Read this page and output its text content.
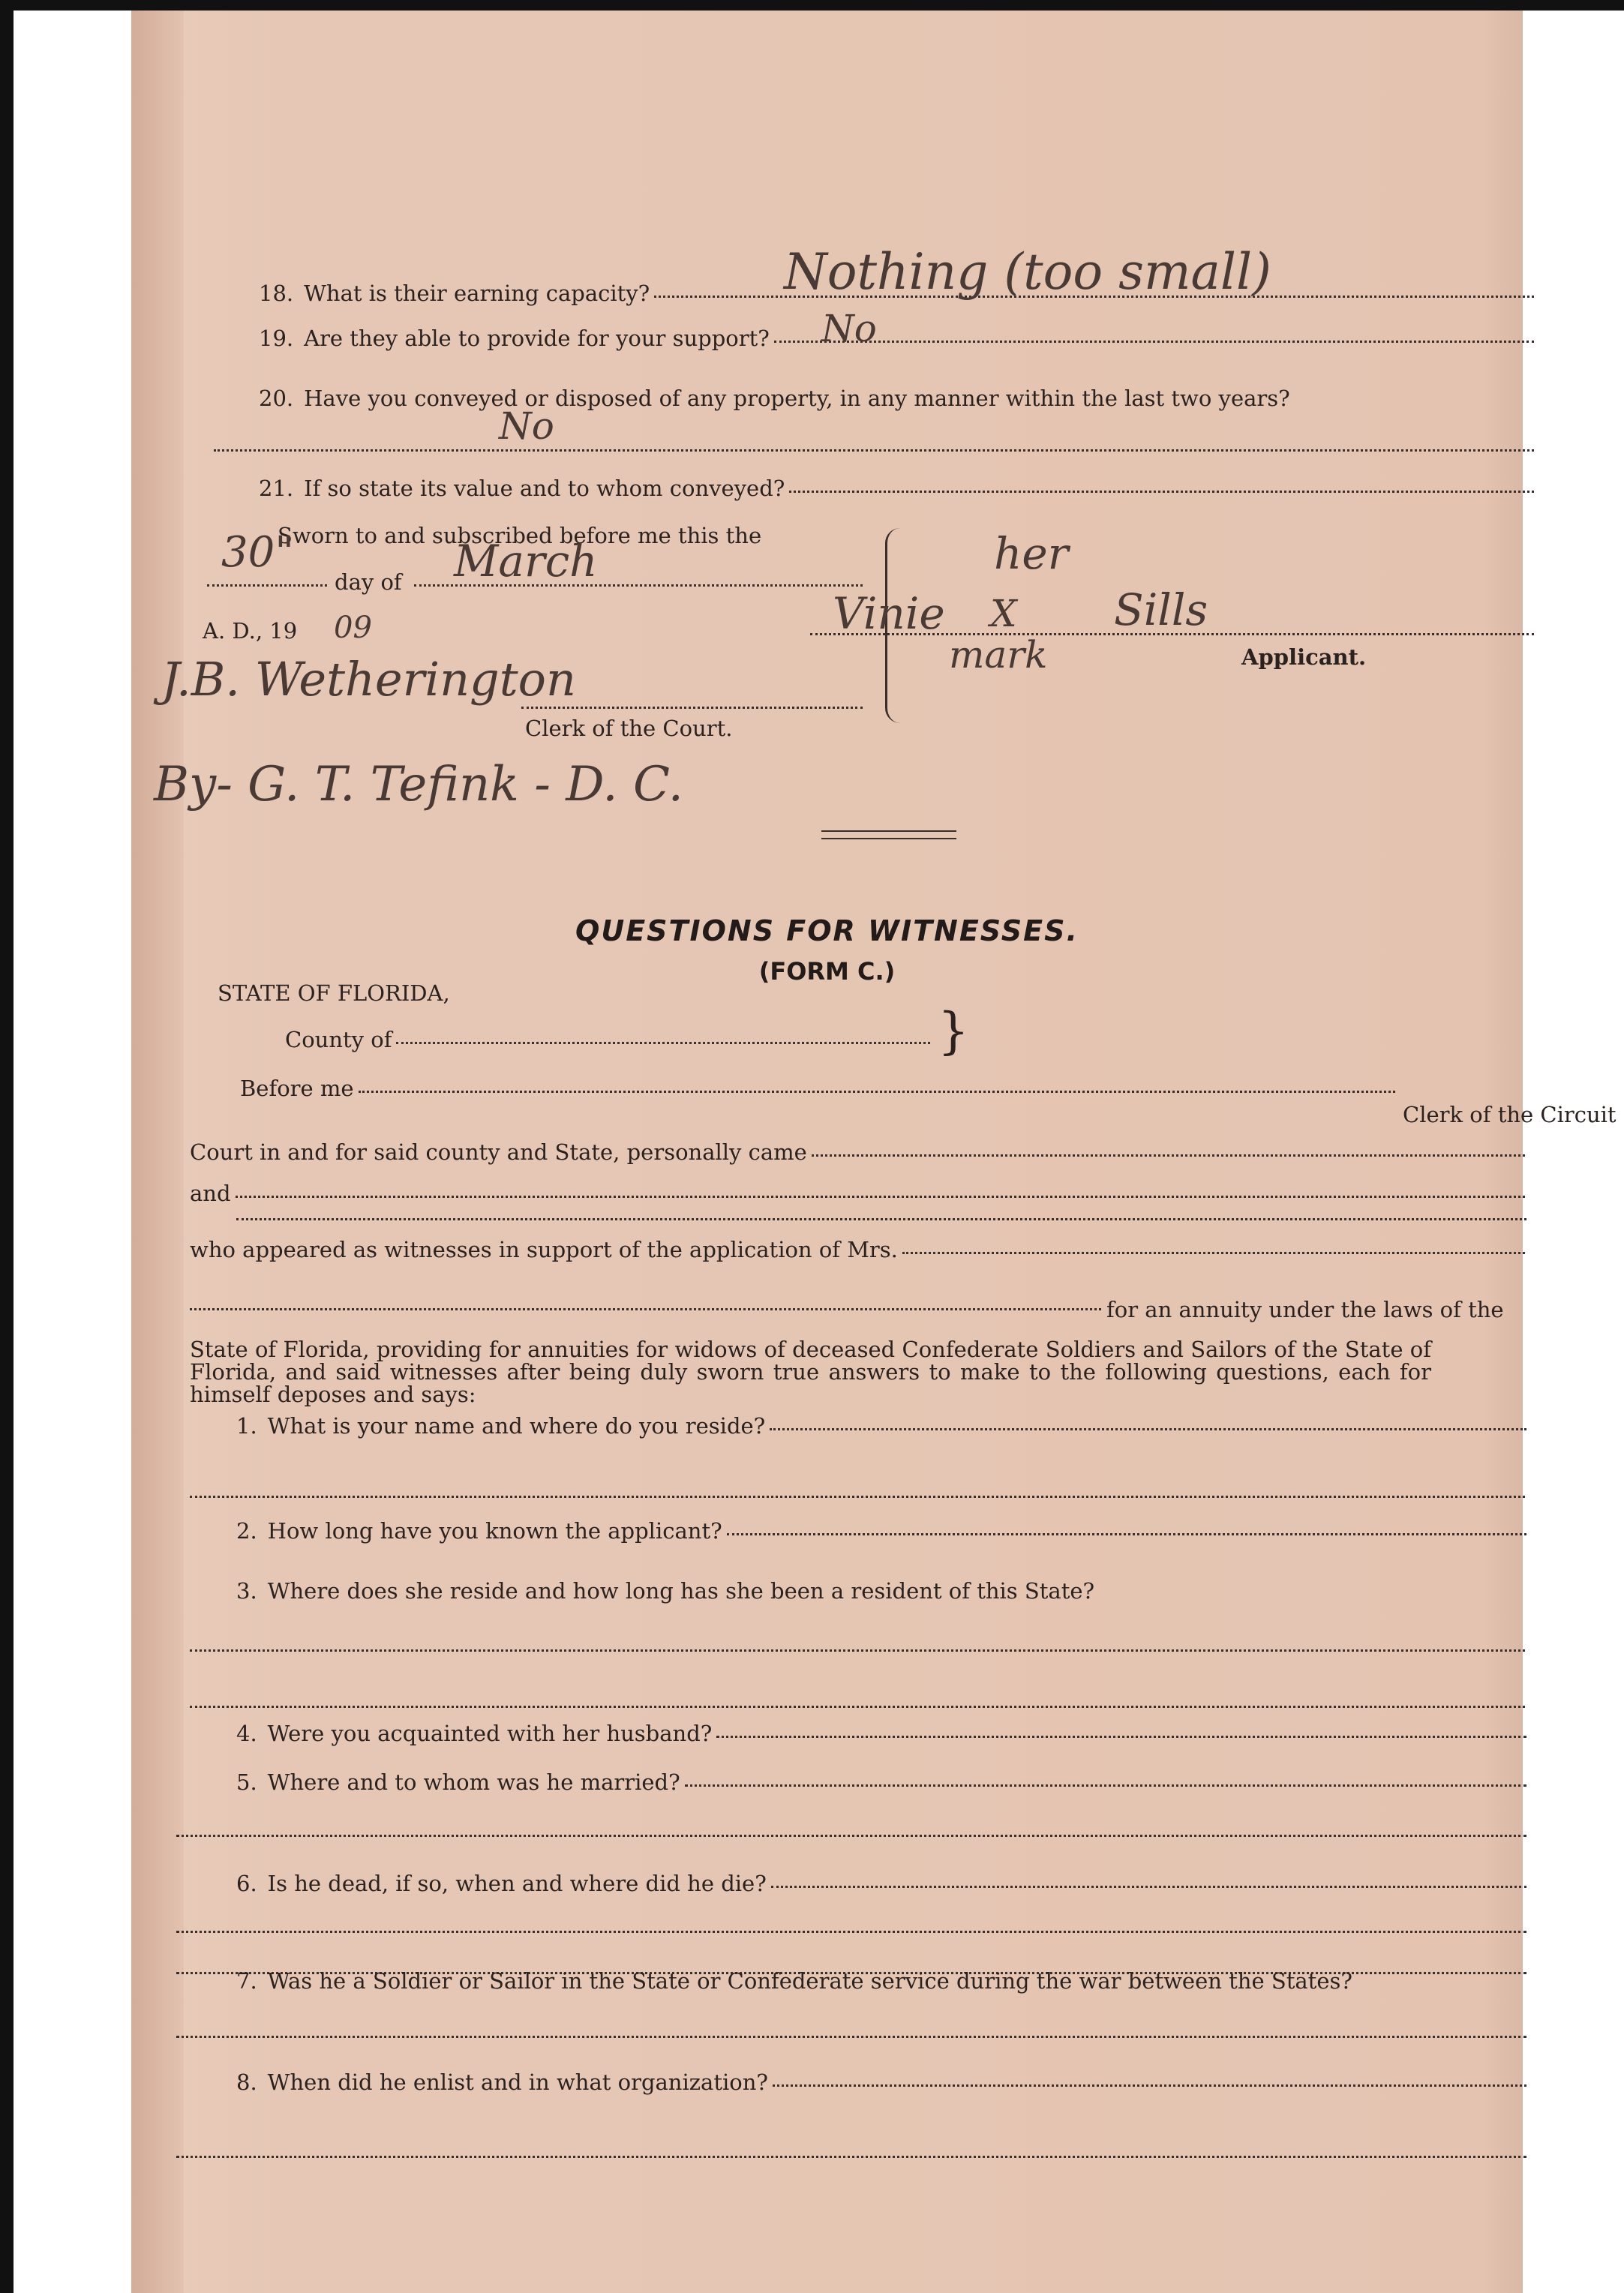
18. What is their earning capacity?	Nothing (too small)
19. Are they able to provide for your support? No
20. Have you conveyed or disposed of any property, in any manner within the last two years?
No
21. If so state its value and to whom conveyed?
Sworn to and subscribed before me this the
day of
30"	March
A. D., 19 09
J.B. Wetherington
Clerk of the Court.
By- G. T. Tefink - D. C.
her
Vinie X Sills
mark	Applicant.
QUESTIONS FOR WITNESSES.
(FORM C.)
STATE OF FLORIDA,
County of	}
Before me
Clerk of the Circuit
Court in and for said county and State, personally came
and
who appeared as witnesses in support of the application of Mrs.
for an annuity under the laws of the
State of Florida, providing for annuities for widows of deceased Confederate Soldiers and Sailors of the State of Florida, and said witnesses after being duly sworn true answers to make to the following questions, each for himself deposes and says:
1. What is your name and where do you reside?
2. How long have you known the applicant?
3. Where does she reside and how long has she been a resident of this State?
4. Were you acquainted with her husband?
5. Where and to whom was he married?
6. Is he dead, if so, when and where did he die?
7. Was he a Soldier or Sailor in the State or Confederate service during the war between the States?
8. When did he enlist and in what organization?
